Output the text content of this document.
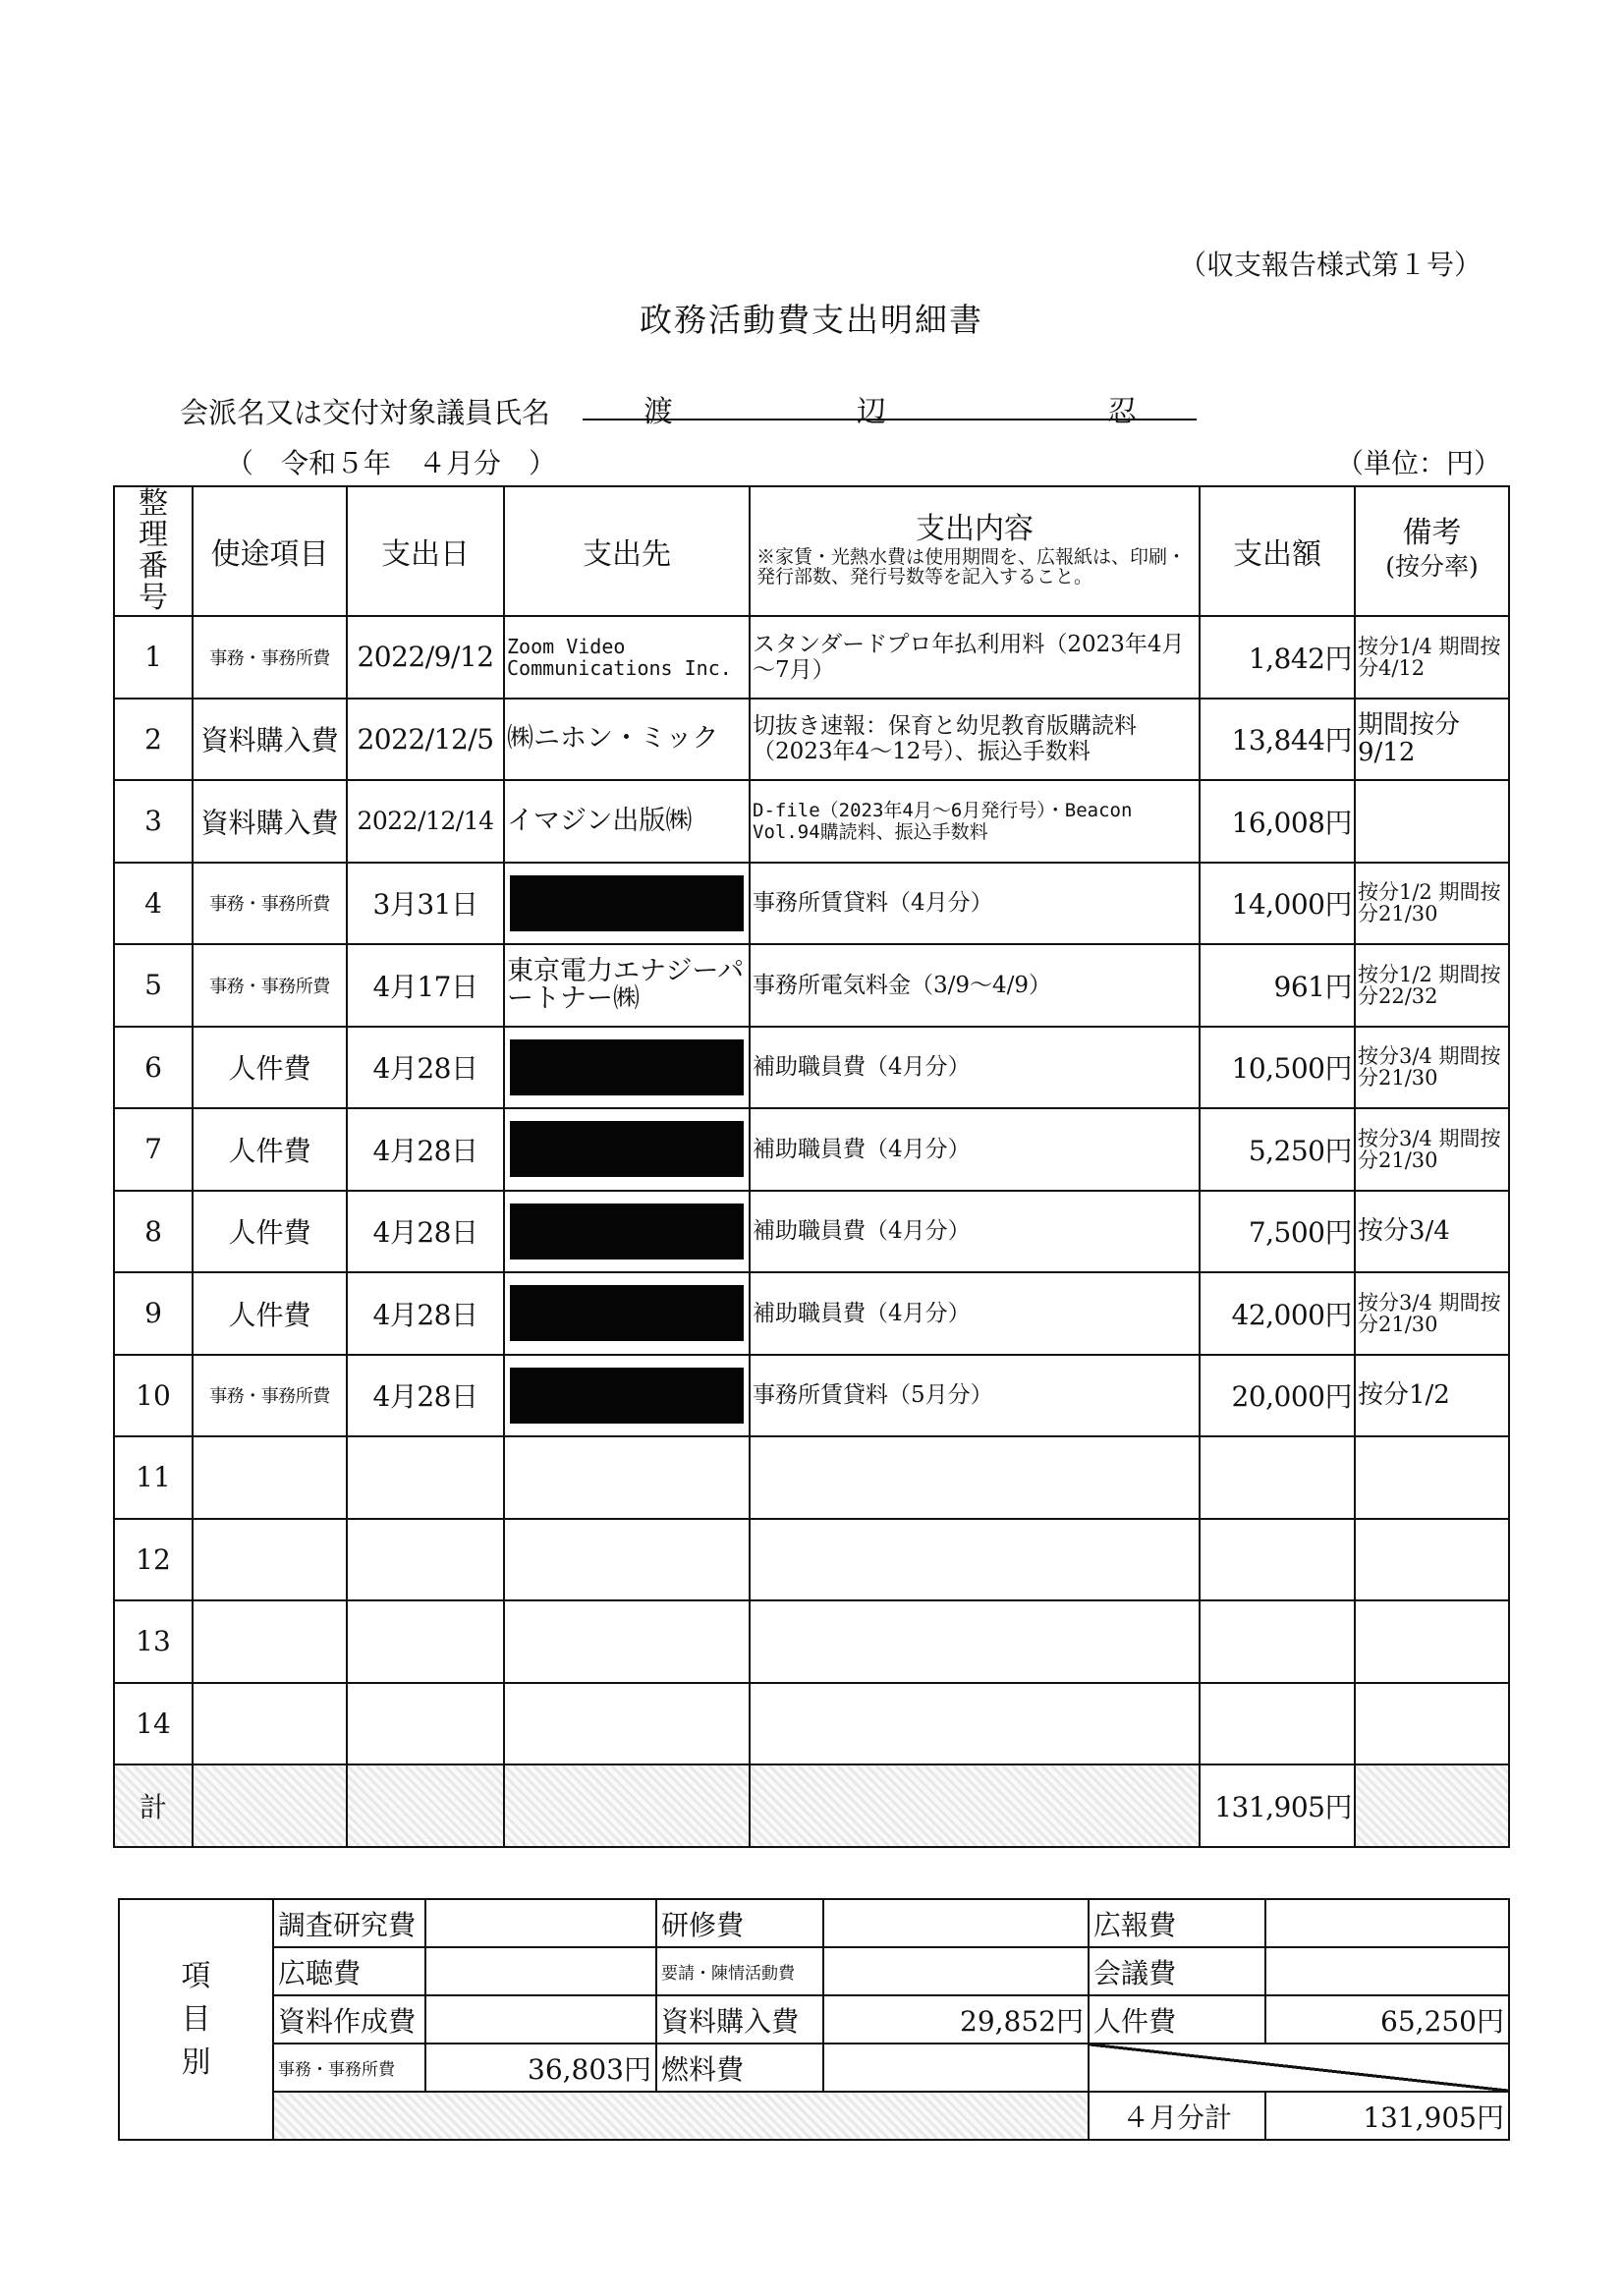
（収支報告様式第１号）
政務活動費支出明細書
会派名又は交付対象議員氏名	渡	辺	忍
（　令和５年　４月分　）	（単位：円）
整理番号	使途項目	支出日	支出先	支出内容
※家賃・光熱水費は使用期間を、広報紙は、印刷・発行部数、発行号数等を記入すること。	支出額	備考
(按分率)
1	事務・事務所費	2022/9/12	Zoom Video Communications Inc.	スタンダードプロ年払利用料（2023年4月～7月）	1,842円	按分1/4 期間按分4/12
2	資料購入費	2022/12/5	㈱ニホン・ミック	切抜き速報：保育と幼児教育版購読料（2023年4～12号）、振込手数料	13,844円	期間按分9/12
3	資料購入費	2022/12/14	イマジン出版㈱	D-file（2023年4月～6月発行号）・Beacon Vol.94購読料、振込手数料	16,008円	
4	事務・事務所費	3月31日		事務所賃貸料（4月分）	14,000円	按分1/2 期間按分21/30
5	事務・事務所費	4月17日	東京電力エナジーパートナー㈱	事務所電気料金（3/9～4/9）	961円	按分1/2 期間按分22/32
6	人件費	4月28日		補助職員費（4月分）	10,500円	按分3/4 期間按分21/30
7	人件費	4月28日		補助職員費（4月分）	5,250円	按分3/4 期間按分21/30
8	人件費	4月28日		補助職員費（4月分）	7,500円	按分3/4
9	人件費	4月28日		補助職員費（4月分）	42,000円	按分3/4 期間按分21/30
10	事務・事務所費	4月28日		事務所賃貸料（5月分）	20,000円	按分1/2
11						
12						
13						
14						
計					131,905円	
項目別	調査研究費		研修費		広報費	
	広聴費		要請・陳情活動費		会議費	
	資料作成費		資料購入費	29,852円	人件費	65,250円
	事務・事務所費	36,803円	燃料費			
					４月分計	131,905円
